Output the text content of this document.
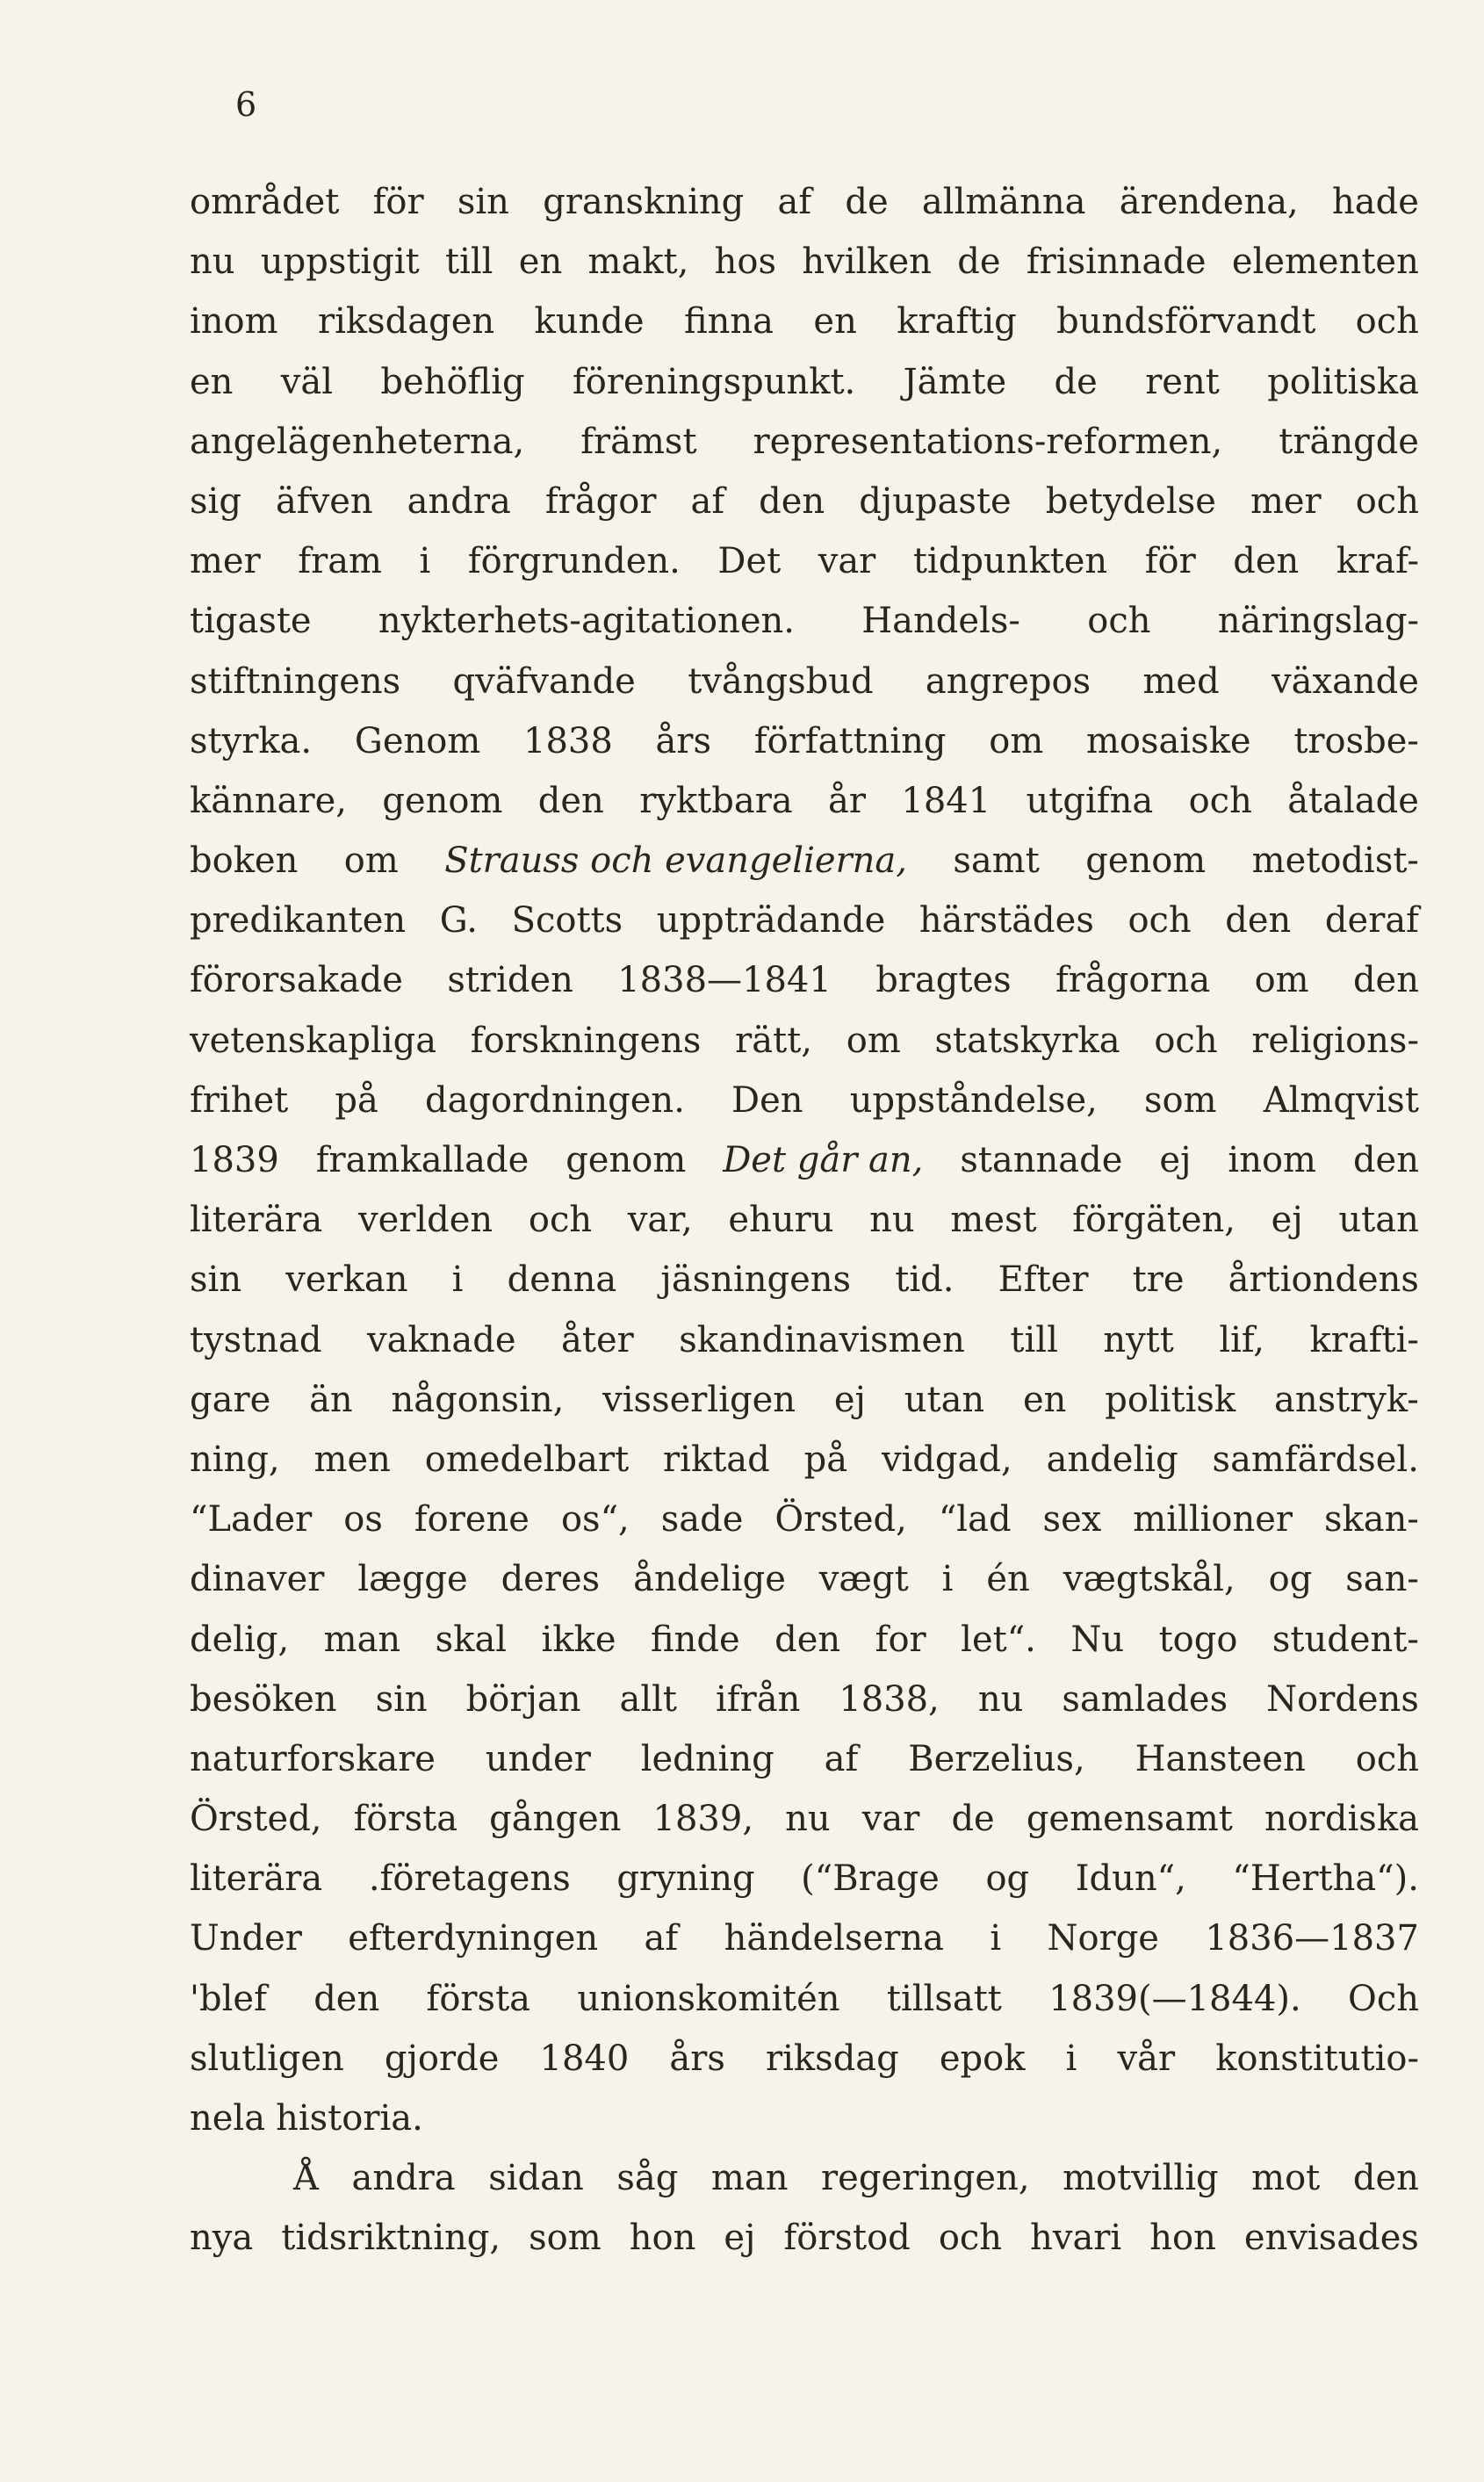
6
området för sin granskning af de allmänna ärendena, hade
nu uppstigit till en makt, hos hvilken de frisinnade elementen
inom riksdagen kunde finna en kraftig bundsförvandt och
en väl behöflig föreningspunkt. Jämte de rent politiska
angelägenheterna, främst representations-reformen, trängde
sig äfven andra frågor af den djupaste betydelse mer och
mer fram i förgrunden. Det var tidpunkten för den kraf-
tigaste nykterhets-agitationen. Handels- och näringslag-
stiftningens qväfvande tvångsbud angrepos med växande
styrka. Genom 1838 års författning om mosaiske trosbe-
kännare, genom den ryktbara år 1841 utgifna och åtalade
boken om Strauss och evangelierna, samt genom metodist-
predikanten G. Scotts uppträdande härstädes och den deraf
förorsakade striden 1838—1841 bragtes frågorna om den
vetenskapliga forskningens rätt, om statskyrka och religions-
frihet på dagordningen. Den uppståndelse, som Almqvist
1839 framkallade genom Det går an, stannade ej inom den
literära verlden och var, ehuru nu mest förgäten, ej utan
sin verkan i denna jäsningens tid. Efter tre årtiondens
tystnad vaknade åter skandinavismen till nytt lif, krafti-
gare än någonsin, visserligen ej utan en politisk anstryk-
ning, men omedelbart riktad på vidgad, andelig samfärdsel.
“Lader os forene os“, sade Örsted, “lad sex millioner skan-
dinaver lægge deres åndelige vægt i én vægtskål, og san-
delig, man skal ikke finde den for let“. Nu togo student-
besöken sin början allt ifrån 1838, nu samlades Nordens
naturforskare under ledning af Berzelius, Hansteen och
Örsted, första gången 1839, nu var de gemensamt nordiska
literära .företagens gryning (“Brage og Idun“, “Hertha“).
Under efterdyningen af händelserna i Norge 1836—1837
'blef den första unionskomitén tillsatt 1839(—1844). Och
slutligen gjorde 1840 års riksdag epok i vår konstitutio-
nela historia.
Å andra sidan såg man regeringen, motvillig mot den
nya tidsriktning, som hon ej förstod och hvari hon envisades
